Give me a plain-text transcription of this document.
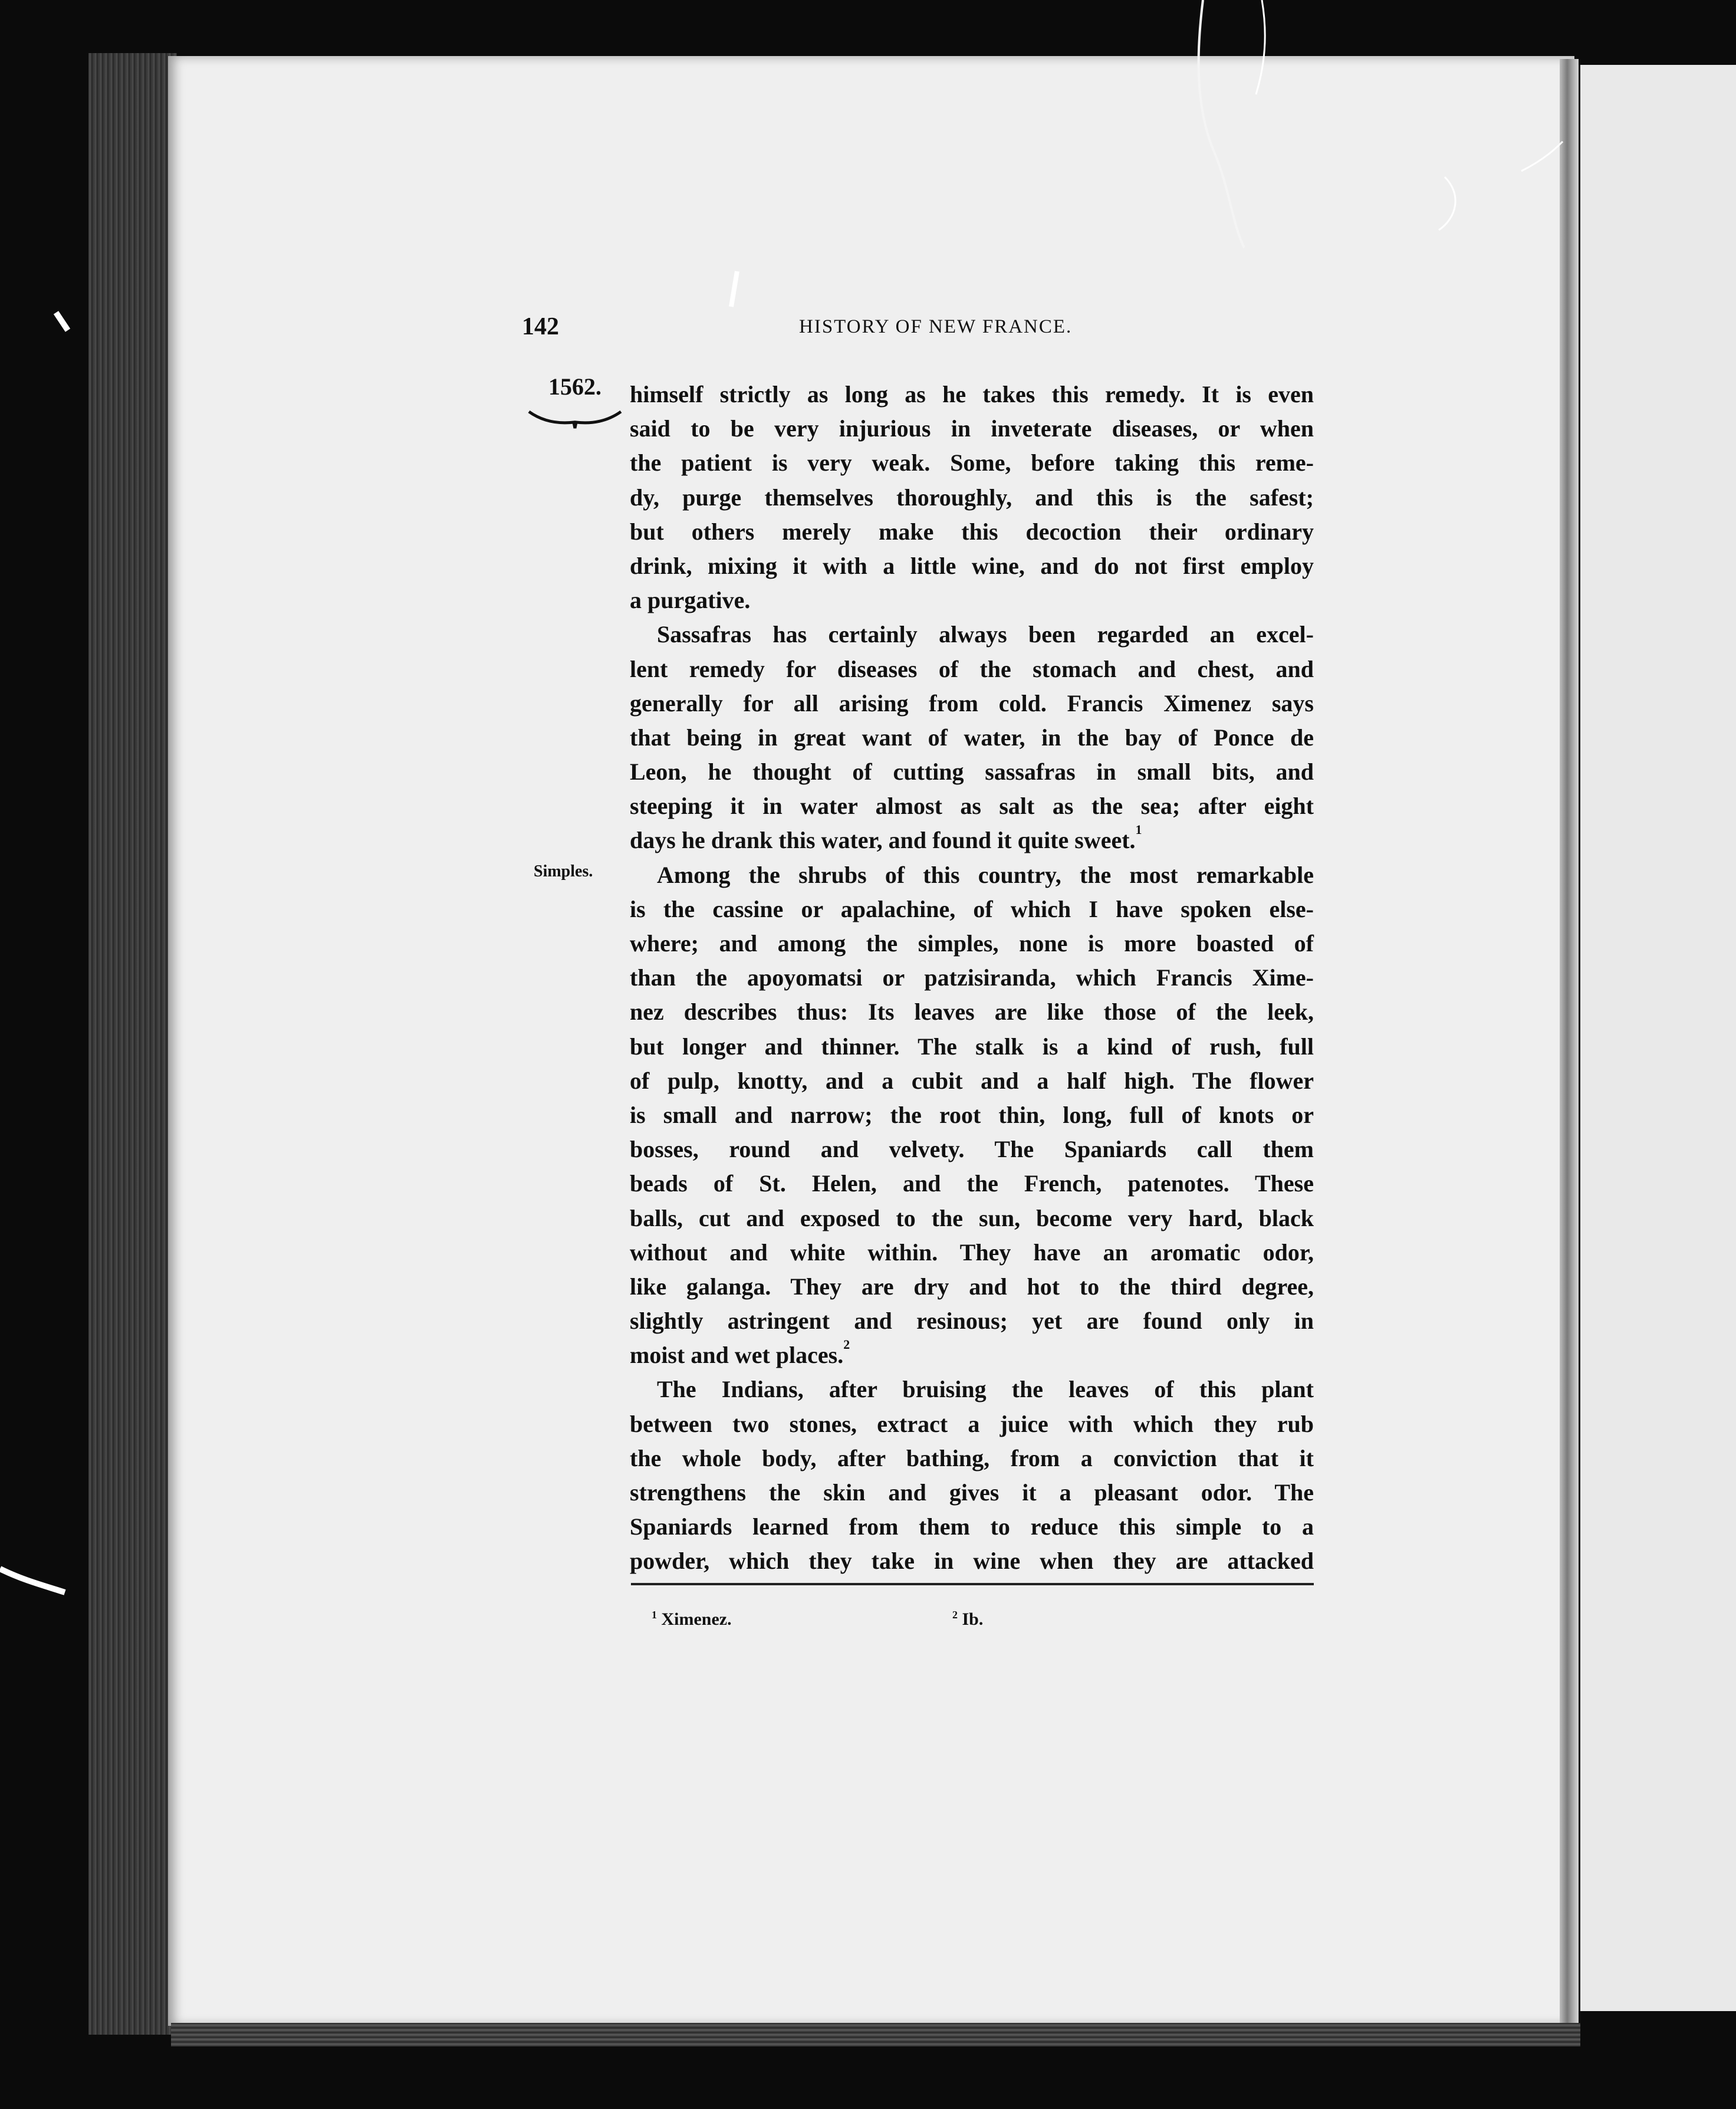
142	HISTORY OF NEW FRANCE.
1562.
Simples.
himself strictly as long as he takes this remedy. It is even
said to be very injurious in inveterate diseases, or when
the patient is very weak. Some, before taking this reme-
dy, purge themselves thoroughly, and this is the safest;
but others merely make this decoction their ordinary
drink, mixing it with a little wine, and do not first employ
a purgative.
Sassafras has certainly always been regarded an excel-
lent remedy for diseases of the stomach and chest, and
generally for all arising from cold. Francis Ximenez says
that being in great want of water, in the bay of Ponce de
Leon, he thought of cutting sassafras in small bits, and
steeping it in water almost as salt as the sea; after eight
days he drank this water, and found it quite sweet.$^1$
Among the shrubs of this country, the most remarkable
is the cassine or apalachine, of which I have spoken else-
where; and among the simples, none is more boasted of
than the apoyomatsi or patzisiranda, which Francis Xime-
nez describes thus: Its leaves are like those of the leek,
but longer and thinner. The stalk is a kind of rush, full
of pulp, knotty, and a cubit and a half high. The flower
is small and narrow; the root thin, long, full of knots or
bosses, round and velvety. The Spaniards call them
beads of St. Helen, and the French, patenotes. These
balls, cut and exposed to the sun, become very hard, black
without and white within. They have an aromatic odor,
like galanga. They are dry and hot to the third degree,
slightly astringent and resinous; yet are found only in
moist and wet places.$^2$
The Indians, after bruising the leaves of this plant
between two stones, extract a juice with which they rub
the whole body, after bathing, from a conviction that it
strengthens the skin and gives it a pleasant odor. The
Spaniards learned from them to reduce this simple to a
powder, which they take in wine when they are attacked
$^1$ Ximenez.	$^2$ Ib.
